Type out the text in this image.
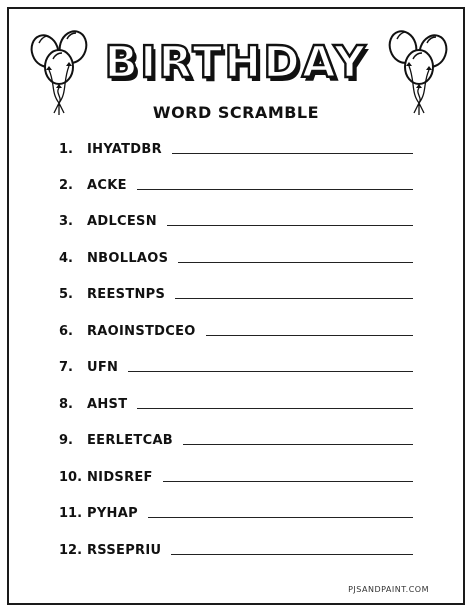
BIRTHDAY
WORD SCRAMBLE
1.	IHYATDBR
2.	ACKE
3.	ADLCESN
4.	NBOLLAOS
5.	REESTNPS
6.	RAOINSTDCEO
7.	UFN
8.	AHST
9.	EERLETCAB
10. NIDSREF
11. PYHAP
12. RSSEPRIU
PJSANDPAINT.COM
